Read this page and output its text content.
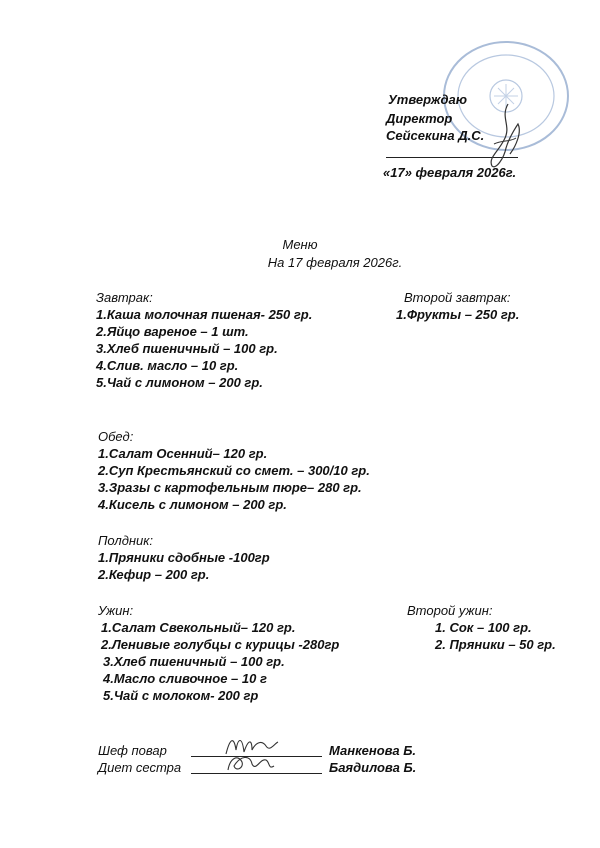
Утверждаю
Директор
Сейсекина Д.С.
«17» февраля 2026г.
Меню
На 17 февраля 2026г.
Завтрак:
1.Каша молочная пшеная- 250 гр.
2.Яйцо вареное – 1 шт.
3.Хлеб пшеничный – 100 гр.
4.Слив. масло – 10 гр.
5.Чай с лимоном – 200 гр.
Второй завтрак:
1.Фрукты – 250 гр.
Обед:
1.Салат Осенний– 120 гр.
2.Суп Крестьянский со смет. – 300/10 гр.
3.Зразы с картофельным пюре– 280 гр.
4.Кисель с лимоном – 200 гр.
Полдник:
1.Пряники сдобные -100гр
2.Кефир – 200 гр.
Ужин:
1.Салат Свекольный– 120 гр.
2.Ленивые голубцы с курицы -280гр
3.Хлеб пшеничный – 100 гр.
4.Масло сливочное – 10 г
5.Чай с молоком- 200 гр
Второй ужин:
1. Сок – 100 гр.
2. Пряники – 50 гр.
Шеф повар	Манкенова Б.
Диет сестра	Баядилова Б.
